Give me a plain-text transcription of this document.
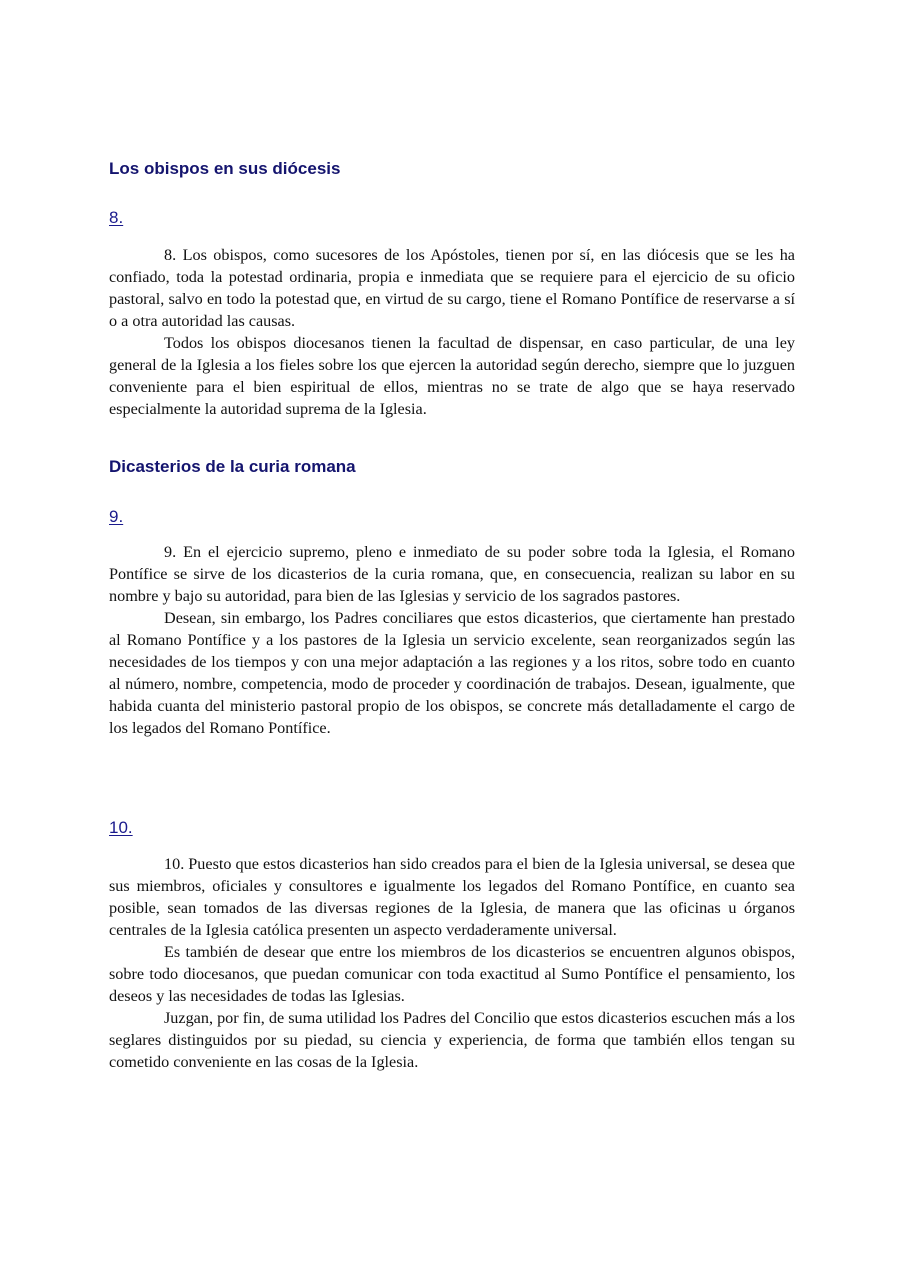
Los obispos en sus diócesis
8.

8. Los obispos, como sucesores de los Apóstoles, tienen por sí, en las diócesis que se les ha confiado, toda la potestad ordinaria, propia e inmediata que se requiere para el ejercicio de su oficio pastoral, salvo en todo la potestad que, en virtud de su cargo, tiene el Romano Pontífice de reservarse a sí o a otra autoridad las causas.

Todos los obispos diocesanos tienen la facultad de dispensar, en caso particular, de una ley general de la Iglesia a los fieles sobre los que ejercen la autoridad según derecho, siempre que lo juzguen conveniente para el bien espiritual de ellos, mientras no se trate de algo que se haya reservado especialmente la autoridad suprema de la Iglesia.

Dicasterios de la curia romana
9.

9. En el ejercicio supremo, pleno e inmediato de su poder sobre toda la Iglesia, el Romano Pontífice se sirve de los dicasterios de la curia romana, que, en consecuencia, realizan su labor en su nombre y bajo su autoridad, para bien de las Iglesias y servicio de los sagrados pastores.

Desean, sin embargo, los Padres conciliares que estos dicasterios, que ciertamente han prestado al Romano Pontífice y a los pastores de la Iglesia un servicio excelente, sean reorganizados según las necesidades de los tiempos y con una mejor adaptación a las regiones y a los ritos, sobre todo en cuanto al número, nombre, competencia, modo de proceder y coordinación de trabajos. Desean, igualmente, que habida cuanta del ministerio pastoral propio de los obispos, se concrete más detalladamente el cargo de los legados del Romano Pontífice.

10.

10. Puesto que estos dicasterios han sido creados para el bien de la Iglesia universal, se desea que sus miembros, oficiales y consultores e igualmente los legados del Romano Pontífice, en cuanto sea posible, sean tomados de las diversas regiones de la Iglesia, de manera que las oficinas u órganos centrales de la Iglesia católica presenten un aspecto verdaderamente universal.

Es también de desear que entre los miembros de los dicasterios se encuentren algunos obispos, sobre todo diocesanos, que puedan comunicar con toda exactitud al Sumo Pontífice el pensamiento, los deseos y las necesidades de todas las Iglesias.

Juzgan, por fin, de suma utilidad los Padres del Concilio que estos dicasterios escuchen más a los seglares distinguidos por su piedad, su ciencia y experiencia, de forma que también ellos tengan su cometido conveniente en las cosas de la Iglesia.
